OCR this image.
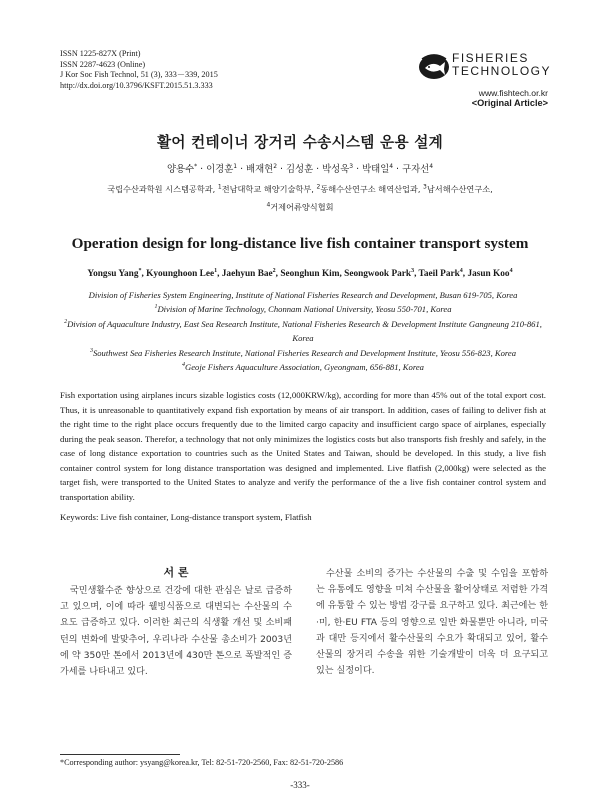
ISSN 1225-827X (Print)
ISSN 2287-4623 (Online)
J Kor Soc Fish Technol, 51 (3), 333－339, 2015
http://dx.doi.org/10.3796/KSFT.2015.51.3.333
FISHERIES
TECHNOLOGY
www.fishtech.or.kr
<Original Article>
활어 컨테이너 장거리 수송시스템 운용 설계
양용수* · 이경훈$^1$ · 배재현$^2$ · 김성훈 · 박성욱$^3$ · 박태일$^4$ · 구자선$^4$
국립수산과학원 시스템공학과, $^1$전남대학교 해양기술학부, $^2$동해수산연구소 해역산업과, $^3$남서해수산연구소,
$^4$거제어류양식협회
Operation design for long-distance live fish container transport system
Yongsu Yang*, Kyounghoon Lee$^1$, Jaehyun Bae$^2$, Seonghun Kim, Seongwook Park$^3$, Taeil Park$^4$, Jasun Koo$^4$
Division of Fisheries System Engineering, Institute of National Fisheries Research and Development, Busan 619-705, Korea
$^1$Division of Marine Technology, Chonnam National University, Yeosu 550-701, Korea
$^2$Division of Aquaculture Industry, East Sea Research Institute, National Fisheries Research & Development Institute Gangneung 210-861, Korea
$^3$Southwest Sea Fisheries Research Institute, National Fisheries Research and Development Institute, Yeosu 556-823, Korea
$^4$Geoje Fishers Aquaculture Association, Gyeongnam, 656-881, Korea
Fish exportation using airplanes incurs sizable logistics costs (12,000KRW/kg), according for more than 45% out of the total export cost. Thus, it is unreasonable to quantitatively expand fish exportation by means of air transport. In addition, cases of failing to deliver fish at the right time to the right place occurs frequently due to the limited cargo capacity and insufficient cargo space of airplanes, especially during the peak season. Therefor, a technology that not only minimizes the logistics costs but also transports fish freshly and safely, in the case of long distance exportation to countries such as the United States and Taiwan, should be developed. In this study, a live fish container control system for long distance transportation was designed and implemented. Live flatfish (2,000kg) were selected as the target fish, were transported to the United States to analyze and verify the performance of the a live fish container control system and transportation ability.
Keywords: Live fish container, Long-distance transport system, Flatfish
서 론
국민생활수준 향상으로 건강에 대한 관심은 날로 급증하고 있으며, 이에 따라 웰빙식품으로 대변되는 수산물의 수요도 급증하고 있다. 이러한 최근의 식생활 개선 및 소비패턴의 변화에 발맞추어, 우리나라 수산물 총소비가 2003년에 약 350만 톤에서 2013년에 430만 톤으로 폭발적인 증가세를 나타내고 있다.
수산물 소비의 증가는 수산물의 수출 및 수입을 포함하는 유통에도 영향을 미쳐 수산물을 활어상태로 저렴한 가격에 유통할 수 있는 방법 강구를 요구하고 있다. 최근에는 한·미, 한·EU FTA 등의 영향으로 일반 화물뿐만 아니라, 미국과 대만 등지에서 활수산물의 수요가 확대되고 있어, 활수산물의 장거리 수송을 위한 기술개발이 더욱 더 요구되고 있는 실정이다.
*Corresponding author: ysyang@korea.kr, Tel: 82-51-720-2560, Fax: 82-51-720-2586
-333-
